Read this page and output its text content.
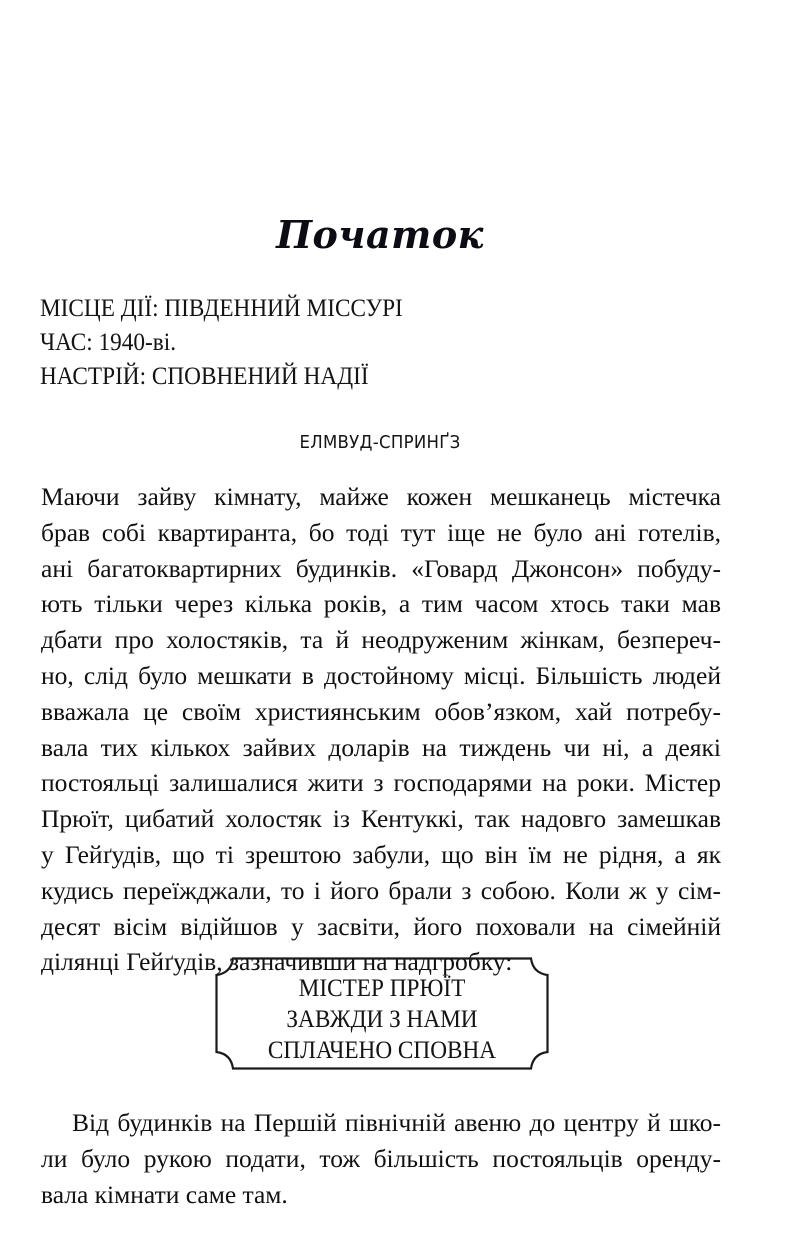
Початок
МІСЦЕ ДІЇ: ПІВДЕННИЙ МІССУРІ
ЧАС: 1940-ві.
НАСТРІЙ: СПОВНЕНИЙ НАДІЇ
ЕЛМВУД-СПРИНҐЗ
Маючи зайву кімнату, майже кожен мешканець містечка
брав собі квартиранта, бо тоді тут іще не було ані готелів,
ані багатоквартирних будинків. «Говард Джонсон» побуду-
ють тільки через кілька років, а тим часом хтось таки мав
дбати про холостяків, та й неодруженим жінкам, безпереч-
но, слід було мешкати в достойному місці. Більшість людей
вважала це своїм християнським обов’язком, хай потребу-
вала тих кількох зайвих доларів на тиждень чи ні, а деякі
постояльці залишалися жити з господарями на роки. Містер
Прюїт, цибатий холостяк із Кентуккі, так надовго замешкав
у Гейґудів, що ті зрештою забули, що він їм не рідня, а як
кудись переїжджали, то і його брали з собою. Коли ж у сім-
десят вісім відійшов у засвіти, його поховали на сімейній
ділянці Гейґудів, зазначивши на надгробку:
МІСТЕР ПРЮЇТ
ЗАВЖДИ З НАМИ
СПЛАЧЕНО СПОВНА
Від будинків на Першій північній авеню до центру й шко-
ли було рукою подати, тож більшість постояльців оренду-
вала кімнати саме там.
